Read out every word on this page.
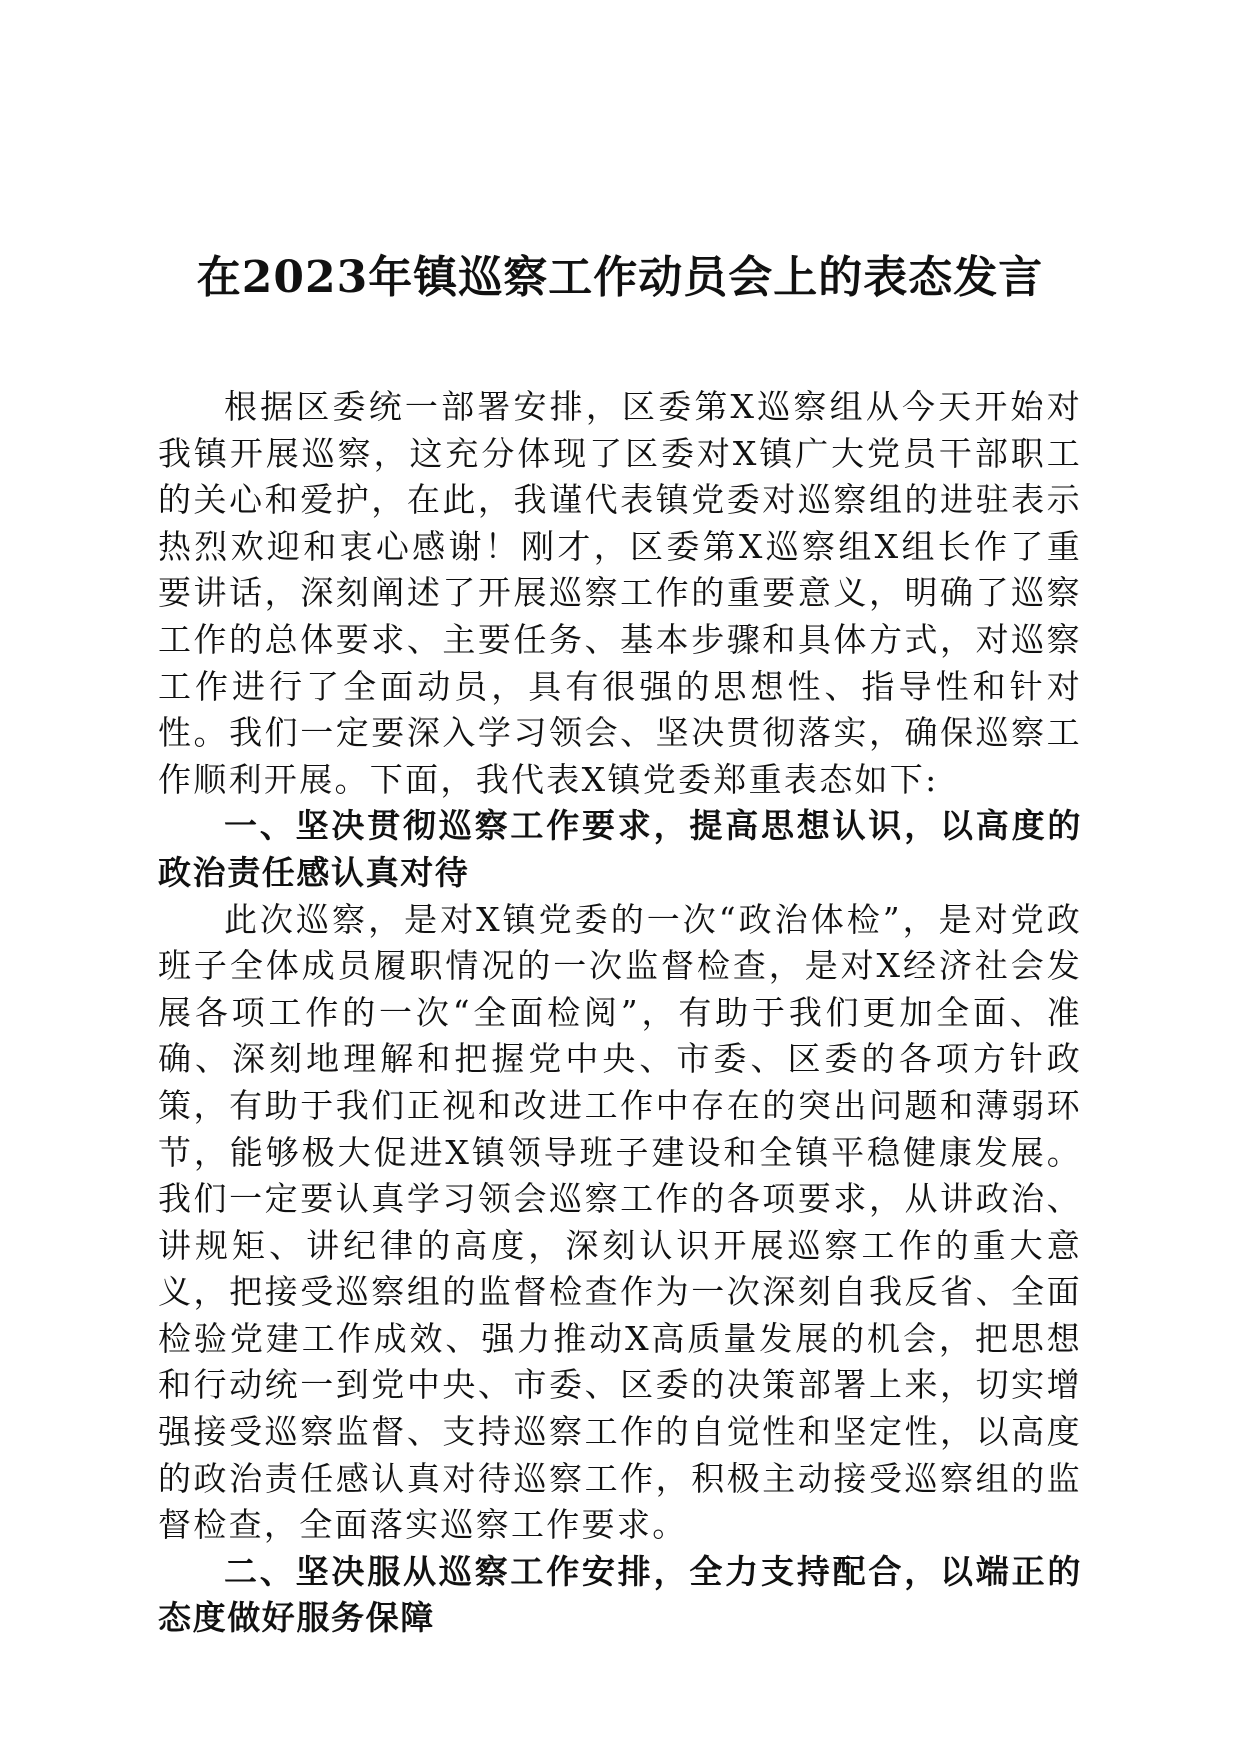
在2023年镇巡察工作动员会上的表态发言

根据区委统一部署安排，区委第X巡察组从今天开始对我镇开展巡察，这充分体现了区委对X镇广大党员干部职工的关心和爱护，在此，我谨代表镇党委对巡察组的进驻表示热烈欢迎和衷心感谢！刚才，区委第X巡察组X组长作了重要讲话，深刻阐述了开展巡察工作的重要意义，明确了巡察工作的总体要求、主要任务、基本步骤和具体方式，对巡察工作进行了全面动员，具有很强的思想性、指导性和针对性。我们一定要深入学习领会、坚决贯彻落实，确保巡察工作顺利开展。下面，我代表X镇党委郑重表态如下:

一、坚决贯彻巡察工作要求，提高思想认识，以高度的政治责任感认真对待

此次巡察，是对X镇党委的一次“政治体检”，是对党政班子全体成员履职情况的一次监督检查，是对X经济社会发展各项工作的一次“全面检阅”，有助于我们更加全面、准确、深刻地理解和把握党中央、市委、区委的各项方针政策，有助于我们正视和改进工作中存在的突出问题和薄弱环节，能够极大促进X镇领导班子建设和全镇平稳健康发展。我们一定要认真学习领会巡察工作的各项要求，从讲政治、讲规矩、讲纪律的高度，深刻认识开展巡察工作的重大意义，把接受巡察组的监督检查作为一次深刻自我反省、全面检验党建工作成效、强力推动X高质量发展的机会，把思想和行动统一到党中央、市委、区委的决策部署上来，切实增强接受巡察监督、支持巡察工作的自觉性和坚定性，以高度的政治责任感认真对待巡察工作，积极主动接受巡察组的监督检查，全面落实巡察工作要求。

二、坚决服从巡察工作安排，全力支持配合，以端正的态度做好服务保障
